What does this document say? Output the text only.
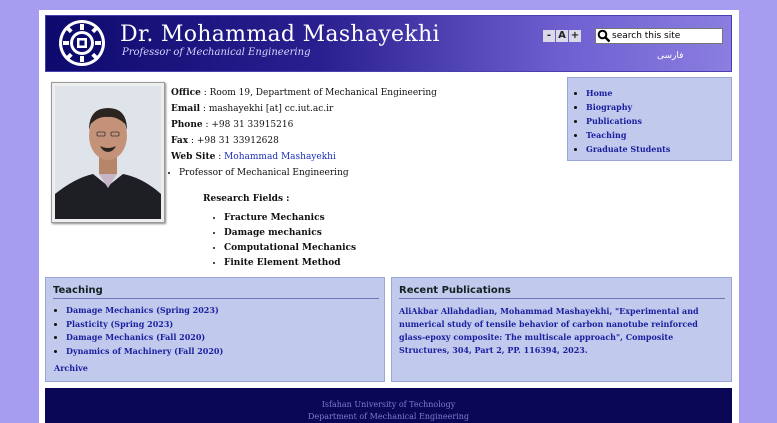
Dr. Mohammad Mashayekhi
Professor of Mechanical Engineering
- A +
search this site
فارسی
Office : Room 19, Department of Mechanical Engineering
Email : mashayekhi [at] cc.iut.ac.ir
Phone : +98 31 33915216
Fax : +98 31 33912628
Web Site : Mohammad Mashayekhi
• Professor of Mechanical Engineering
Research Fields :
• Fracture Mechanics
• Damage mechanics
• Computational Mechanics
• Finite Element Method
• Home
• Biography
• Publications
• Teaching
• Graduate Students
Teaching
• Damage Mechanics (Spring 2023)
• Plasticity (Spring 2023)
• Damage Mechanics (Fall 2020)
• Dynamics of Machinery (Fall 2020)
Archive
Recent Publications
AliAkbar Allahdadian, Mohammad Mashayekhi, "Experimental and numerical study of tensile behavior of carbon nanotube reinforced glass-epoxy composite: The multiscale approach", Composite Structures, 304, Part 2, PP. 116394, 2023.
Isfahan University of Technology
Department of Mechanical Engineering
